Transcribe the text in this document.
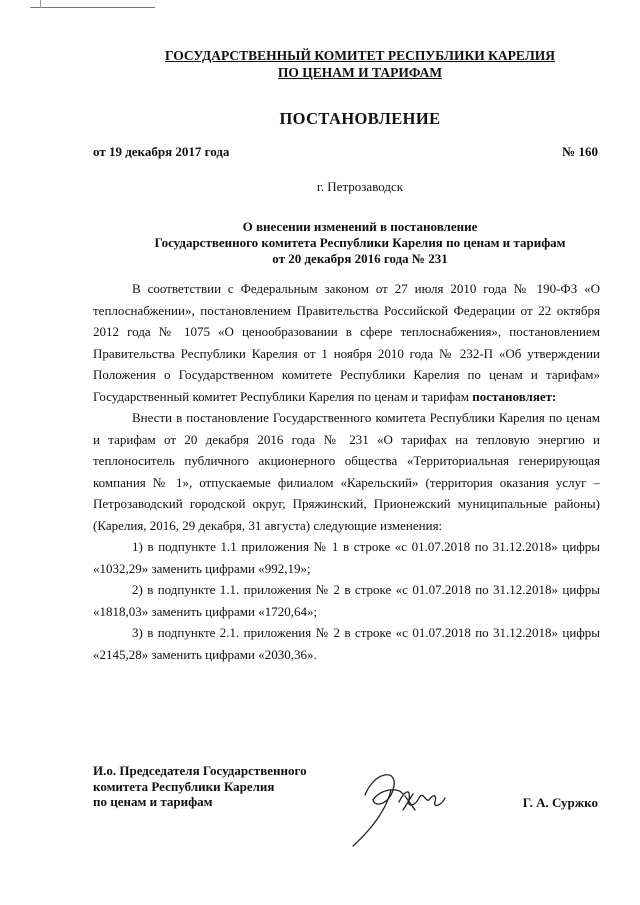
ГОСУДАРСТВЕННЫЙ КОМИТЕТ РЕСПУБЛИКИ КАРЕЛИЯ
ПО ЦЕНАМ И ТАРИФАМ
ПОСТАНОВЛЕНИЕ
от 19 декабря 2017 года	№ 160
г. Петрозаводск
О внесении изменений в постановление
Государственного комитета Республики Карелия по ценам и тарифам
от 20 декабря 2016 года № 231

В соответствии с Федеральным законом от 27 июля 2010 года № 190-ФЗ «О теплоснабжении», постановлением Правительства Российской Федерации от 22 октября 2012 года № 1075 «О ценообразовании в сфере теплоснабжения», постановлением Правительства Республики Карелия от 1 ноября 2010 года № 232-П «Об утверждении Положения о Государственном комитете Республики Карелия по ценам и тарифам» Государственный комитет Республики Карелия по ценам и тарифам постановляет:

Внести в постановление Государственного комитета Республики Карелия по ценам и тарифам от 20 декабря 2016 года № 231 «О тарифах на тепловую энергию и теплоноситель публичного акционерного общества «Территориальная генерирующая компания № 1», отпускаемые филиалом «Карельский» (территория оказания услуг – Петрозаводский городской округ, Пряжинский, Прионежский муниципальные районы) (Карелия, 2016, 29 декабря, 31 августа) следующие изменения:

1) в подпункте 1.1 приложения № 1 в строке «с 01.07.2018 по 31.12.2018» цифры «1032,29» заменить цифрами «992,19»;

2) в подпункте 1.1. приложения № 2 в строке «с 01.07.2018 по 31.12.2018» цифры «1818,03» заменить цифрами «1720,64»;

3) в подпункте 2.1. приложения № 2 в строке «с 01.07.2018 по 31.12.2018» цифры «2145,28» заменить цифрами «2030,36».

И.о. Председателя Государственного
комитета Республики Карелия
по ценам и тарифам	Г. А. Суржко
